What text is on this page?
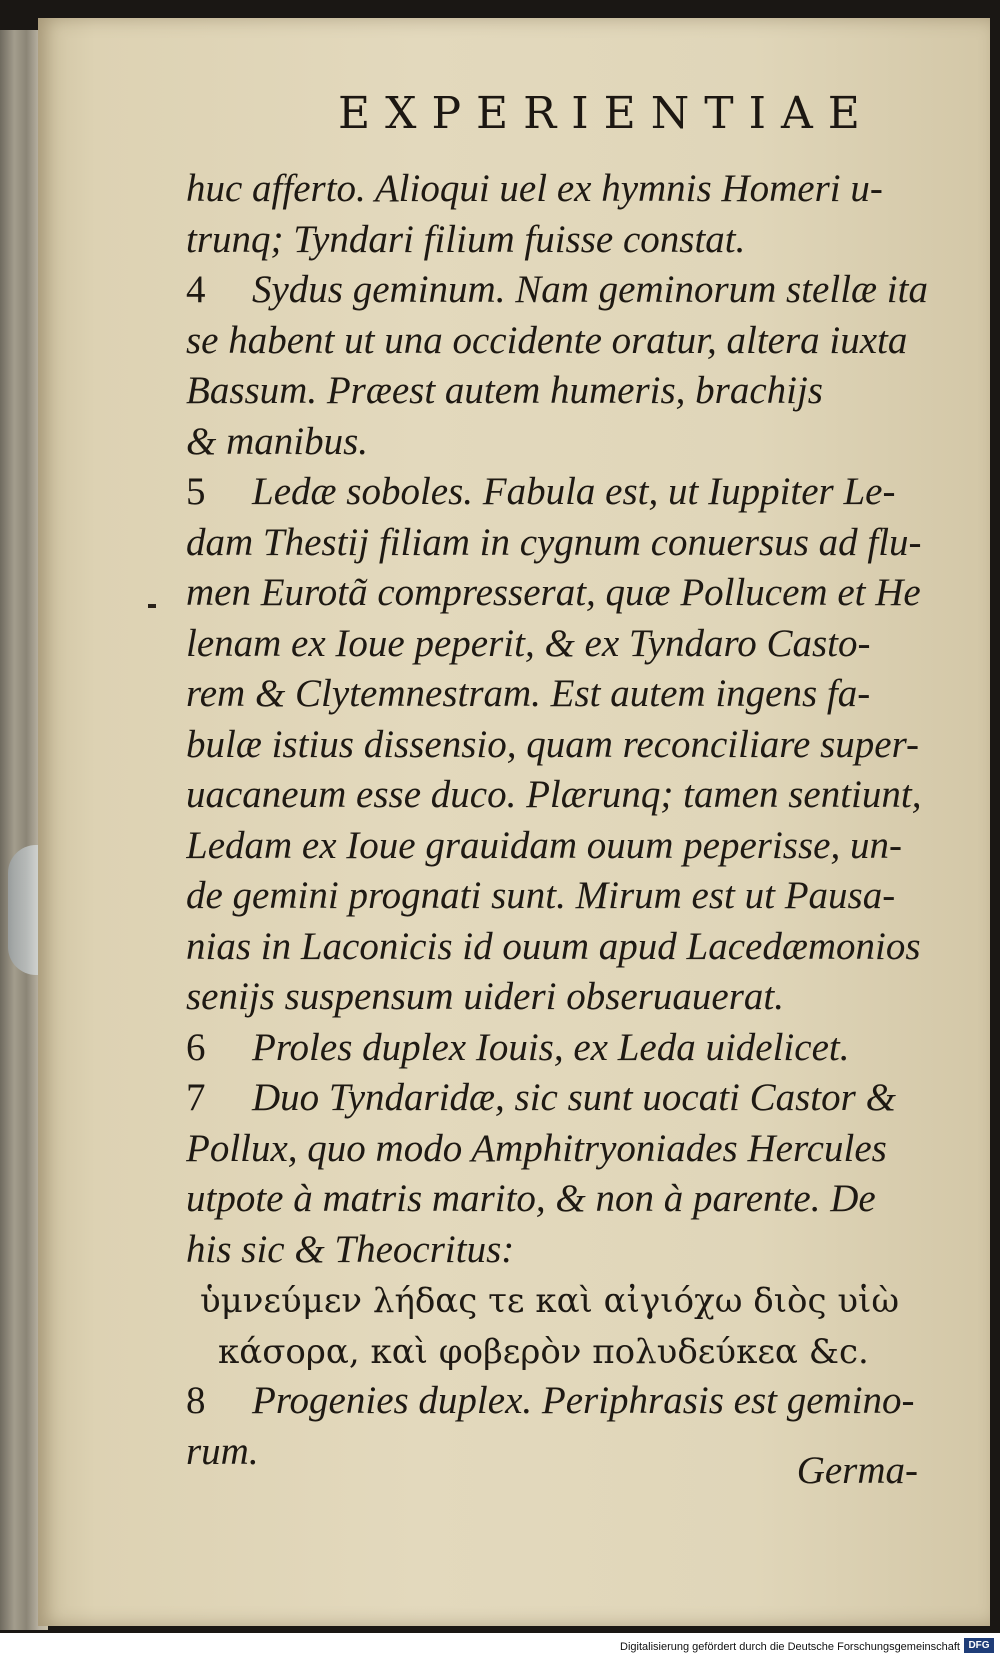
EXPERIENTIAE
huc afferto. Alioqui uel ex hymnis Homeri u-
trunq; Tyndari filium fuisse constat.
4 Sydus geminum. Nam geminorum stellæ ita
se habent ut una occidente oratur, altera iuxta
Bassum. Præest autem humeris, brachijs
& manibus.
5 Ledæ soboles. Fabula est, ut Iuppiter Le-
dam Thestij filiam in cygnum conuersus ad flu-
men Eurotã compresserat, quæ Pollucem et He
lenam ex Ioue peperit, & ex Tyndaro Casto-
rem & Clytemnestram. Est autem ingens fa-
bulæ istius dissensio, quam reconciliare super-
uacaneum esse duco. Plærunq; tamen sentiunt,
Ledam ex Ioue grauidam ouum peperisse, un-
de gemini prognati sunt. Mirum est ut Pausa-
nias in Laconicis id ouum apud Lacedæmonios
senijs suspensum uideri obseruauerat.
6 Proles duplex Iouis, ex Leda uidelicet.
7 Duo Tyndaridæ, sic sunt uocati Castor &
Pollux, quo modo Amphitryoniades Hercules
utpote à matris marito, & non à parente. De
his sic & Theocritus:
ὑμνεύμεν λήδας τε καὶ αἰγιόχω διὸς υἱὼ
κάσορα, καὶ φοβερὸν πολυδεύκεα &c.
8 Progenies duplex. Periphrasis est gemino-
rum.	Germa-
Digitalisierung gefördert durch die Deutsche Forschungsgemeinschaft DFG
